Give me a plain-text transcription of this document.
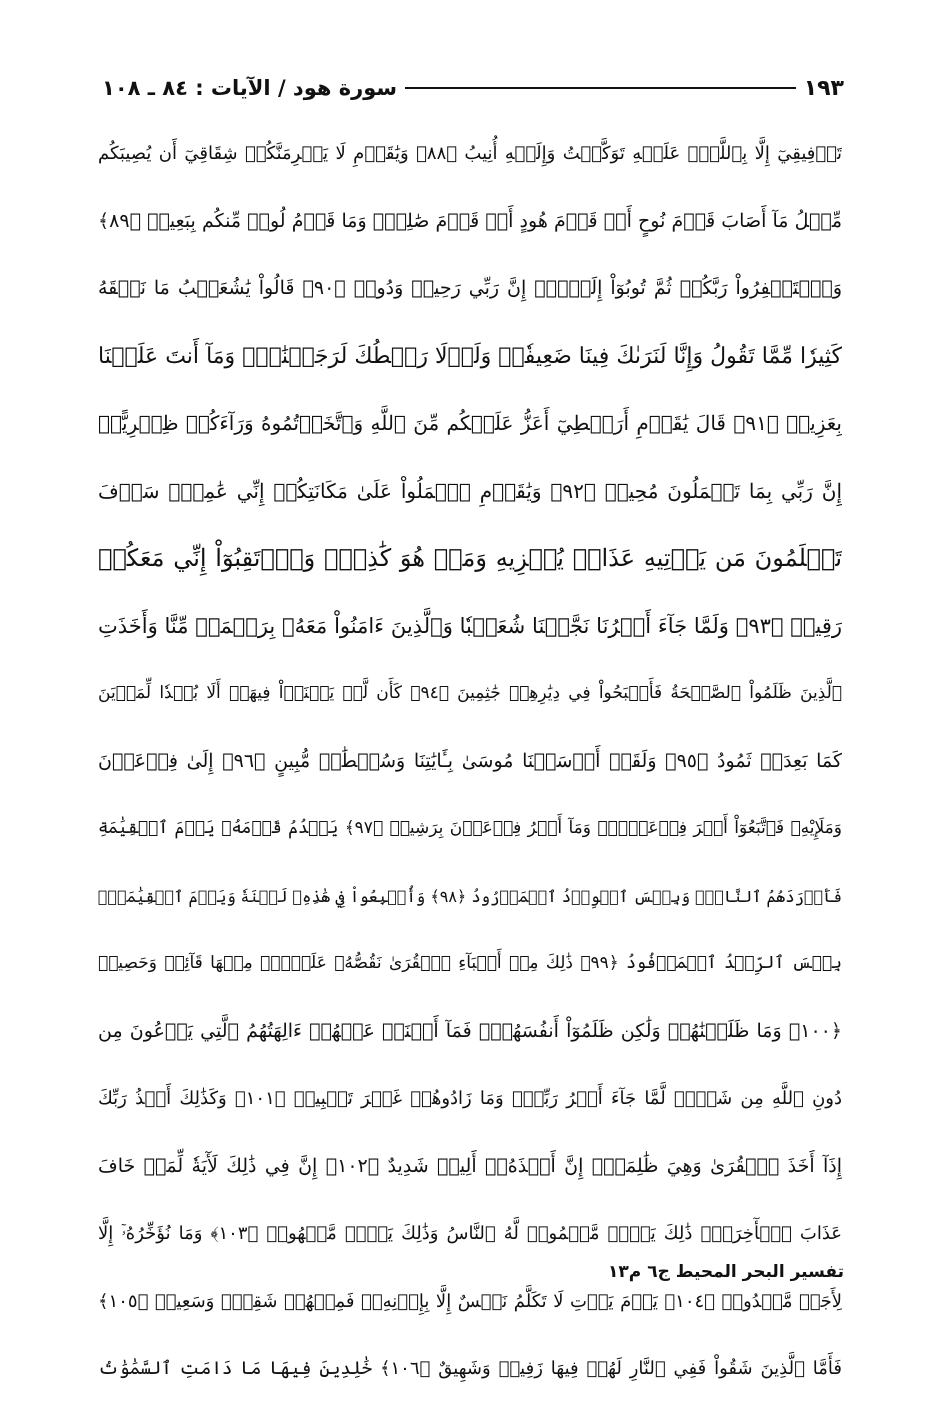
سورة هود / الآيات : ٨٤ ـ ١٠٨	١٩٣
تَوۡفِيقِيٓ إِلَّا بِٱللَّهِۚ عَلَيۡهِ تَوَكَّلۡتُ وَإِلَيۡهِ أُنِيبُ ﴿٨٨﴾ وَيَٰقَوۡمِ لَا يَجۡرِمَنَّكُمۡ شِقَاقِيٓ أَن يُصِيبَكُم
مِّثۡلُ مَآ أَصَابَ قَوۡمَ نُوحٍ أَوۡ قَوۡمَ هُودٍ أَوۡ قَوۡمَ صَٰلِحٖۚ وَمَا قَوۡمُ لُوطٖ مِّنكُم بِبَعِيدٖ ﴿٨٩﴾
وَٱسۡتَغۡفِرُواْ رَبَّكُمۡ ثُمَّ تُوبُوٓاْ إِلَيۡهِۚ إِنَّ رَبِّي رَحِيمٞ وَدُودٞ ﴿٩٠﴾ قَالُواْ يَٰشُعَيۡبُ مَا نَفۡقَهُ
كَثِيرٗا مِّمَّا تَقُولُ وَإِنَّا لَنَرَىٰكَ فِينَا ضَعِيفٗاۖ وَلَوۡلَا رَهۡطُكَ لَرَجَمۡنَٰكَۖ وَمَآ أَنتَ عَلَيۡنَا
بِعَزِيزٖ ﴿٩١﴾ قَالَ يَٰقَوۡمِ أَرَهۡطِيٓ أَعَزُّ عَلَيۡكُم مِّنَ ٱللَّهِ وَٱتَّخَذۡتُمُوهُ وَرَآءَكُمۡ ظِهۡرِيًّاۖ
إِنَّ رَبِّي بِمَا تَعۡمَلُونَ مُحِيطٞ ﴿٩٢﴾ وَيَٰقَوۡمِ ٱعۡمَلُواْ عَلَىٰ مَكَانَتِكُمۡ إِنِّي عَٰمِلٞۖ سَوۡفَ
تَعۡلَمُونَ مَن يَأۡتِيهِ عَذَابٞ يُخۡزِيهِ وَمَنۡ هُوَ كَٰذِبٞۖ وَٱرۡتَقِبُوٓاْ إِنِّي مَعَكُمۡ
رَقِيبٞ ﴿٩٣﴾ وَلَمَّا جَآءَ أَمۡرُنَا نَجَّيۡنَا شُعَيۡبٗا وَٱلَّذِينَ ءَامَنُواْ مَعَهُۥ بِرَحۡمَةٖ مِّنَّا وَأَخَذَتِ
ٱلَّذِينَ ظَلَمُواْ ٱلصَّيۡحَةُ فَأَصۡبَحُواْ فِي دِيَٰرِهِمۡ جَٰثِمِينَ ﴿٩٤﴾ كَأَن لَّمۡ يَغۡنَوۡاْ فِيهَآۗ أَلَا بُعۡدٗا لِّمَدۡيَنَ
كَمَا بَعِدَتۡ ثَمُودُ ﴿٩٥﴾ وَلَقَدۡ أَرۡسَلۡنَا مُوسَىٰ بِـَٔايَٰتِنَا وَسُلۡطَٰنٖ مُّبِينٍ ﴿٩٦﴾ إِلَىٰ فِرۡعَوۡنَ
وَمَلَإِيْهِۦ فَٱتَّبَعُوٓاْ أَمۡرَ فِرۡعَوۡنَۖ وَمَآ أَمۡرُ فِرۡعَوۡنَ بِرَشِيدٖ ﴿٩٧﴾ يَقۡدُمُ قَوۡمَهُۥ يَوۡمَ ٱلۡقِيَٰمَةِ
فَأَوۡرَدَهُمُ ٱلنَّارَۖ وَبِئۡسَ ٱلۡوِرۡدُ ٱلۡمَوۡرُودُ ﴿٩٨﴾ وَأُتۡبِعُواْ فِي هَٰذِهِۦ لَعۡنَةٗ وَيَوۡمَ ٱلۡقِيَٰمَةِۚ
بِئۡسَ ٱلرِّفۡدُ ٱلۡمَرۡفُودُ ﴿٩٩﴾ ذَٰلِكَ مِنۡ أَنۢبَآءِ ٱلۡقُرَىٰ نَقُصُّهُۥ عَلَيۡكَۖ مِنۡهَا قَآئِمٞ وَحَصِيدٞ
﴿١٠٠﴾ وَمَا ظَلَمۡنَٰهُمۡ وَلَٰكِن ظَلَمُوٓاْ أَنفُسَهُمۡۖ فَمَآ أَغۡنَتۡ عَنۡهُمۡ ءَالِهَتُهُمُ ٱلَّتِي يَدۡعُونَ مِن
دُونِ ٱللَّهِ مِن شَيۡءٖ لَّمَّا جَآءَ أَمۡرُ رَبِّكَۖ وَمَا زَادُوهُمۡ غَيۡرَ تَتۡبِيبٖ ﴿١٠١﴾ وَكَذَٰلِكَ أَخۡذُ رَبِّكَ
إِذَآ أَخَذَ ٱلۡقُرَىٰ وَهِيَ ظَٰلِمَةٌۚ إِنَّ أَخۡذَهُۥٓ أَلِيمٞ شَدِيدٌ ﴿١٠٢﴾ إِنَّ فِي ذَٰلِكَ لَأٓيَةٗ لِّمَنۡ خَافَ
عَذَابَ ٱلۡأٓخِرَةِۚ ذَٰلِكَ يَوۡمٞ مَّجۡمُوعٞ لَّهُ ٱلنَّاسُ وَذَٰلِكَ يَوۡمٞ مَّشۡهُودٞ ﴿١٠٣﴾ وَمَا نُؤَخِّرُهُۥٓ إِلَّا
لِأَجَلٖ مَّعۡدُودٖ ﴿١٠٤﴾ يَوۡمَ يَأۡتِ لَا تَكَلَّمُ نَفۡسٌ إِلَّا بِإِذۡنِهِۦۚ فَمِنۡهُمۡ شَقِيّٞ وَسَعِيدٞ ﴿١٠٥﴾
فَأَمَّا ٱلَّذِينَ شَقُواْ فَفِي ٱلنَّارِ لَهُمۡ فِيهَا زَفِيرٞ وَشَهِيقٌ ﴿١٠٦﴾ خَٰلِدِينَ فِيهَا مَا دَامَتِ ٱلسَّمَٰوَٰتُ
تفسير البحر المحيط ج٦ م١٣
